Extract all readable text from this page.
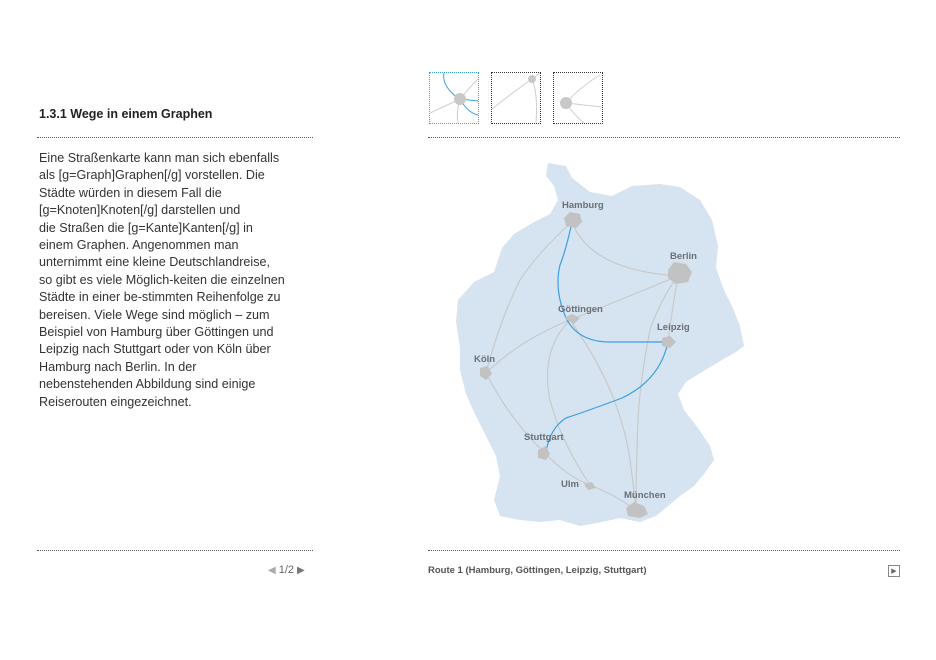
1.3.1 Wege in einem Graphen

Eine Straßenkarte kann man sich ebenfalls

als [g=Graph]Graphen[/g] vorstellen. Die

Städte würden in diesem Fall die

[g=Knoten]Knoten[/g] darstellen und

die Straßen die [g=Kante]Kanten[/g] in

einem Graphen. Angenommen man

unternimmt eine kleine Deutschlandreise,

so gibt es viele Möglich-keiten die einzelnen

Städte in einer be-stimmten Reihenfolge zu

bereisen. Viele Wege sind möglich – zum

Beispiel von Hamburg über Göttingen und

Leipzig nach Stuttgart oder von Köln über

Hamburg nach Berlin. In der

nebenstehenden Abbildung sind einige

Reiserouten eingezeichnet.

◀ 1/2 ▶
Hamburg
Berlin
Göttingen
Leipzig
Köln
Stuttgart
Ulm
München
Route 1 (Hamburg, Göttingen, Leipzig, Stuttgart)	▶
